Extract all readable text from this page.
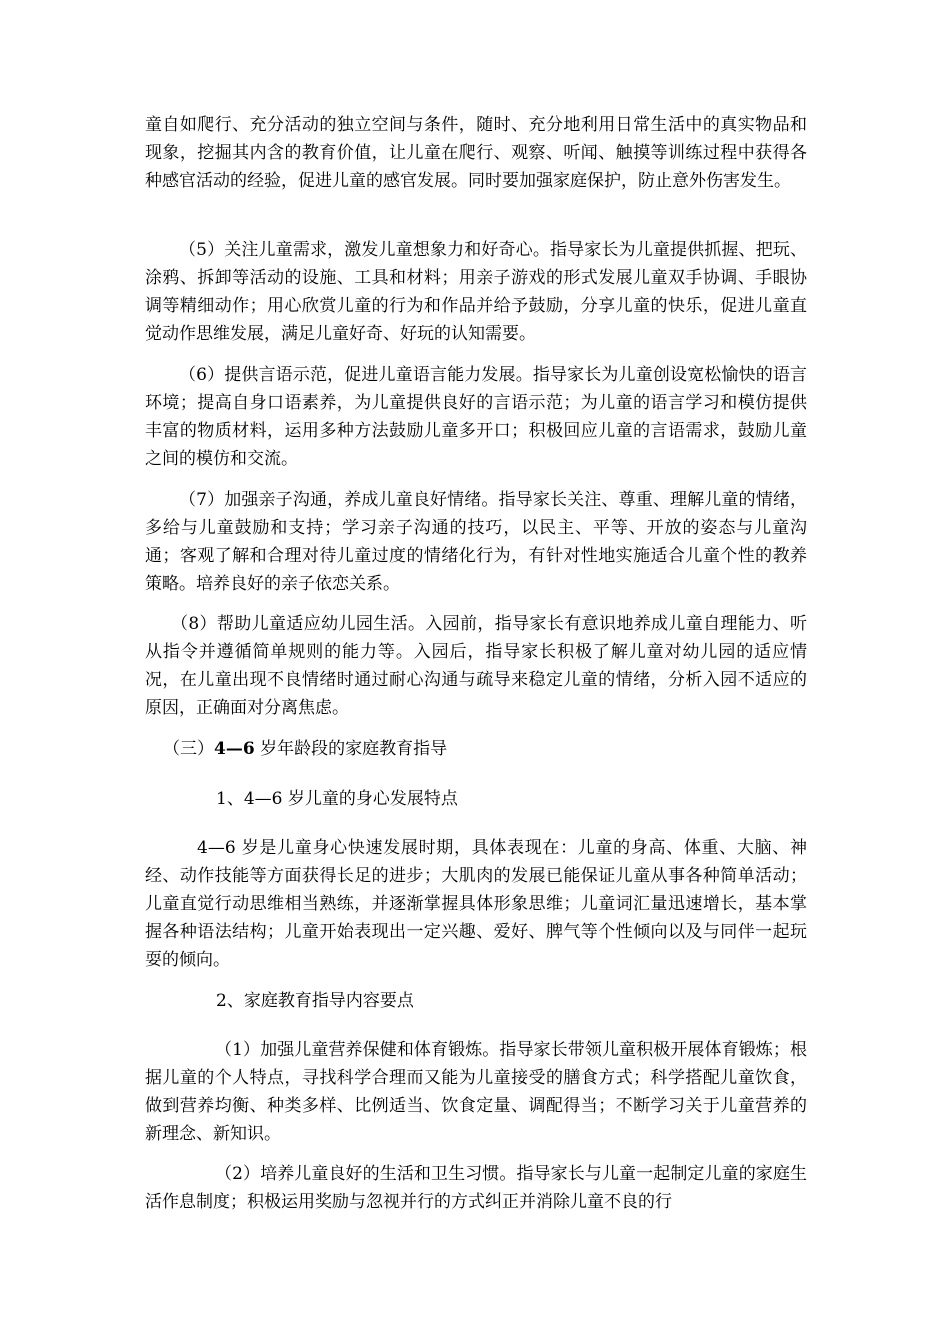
童自如爬行、充分活动的独立空间与条件，随时、充分地利用日常生活中的真实物品和现象，挖掘其内含的教育价值，让儿童在爬行、观察、听闻、触摸等训练过程中获得各种感官活动的经验，促进儿童的感官发展。同时要加强家庭保护，防止意外伤害发生。

（5）关注儿童需求，激发儿童想象力和好奇心。指导家长为儿童提供抓握、把玩、涂鸦、拆卸等活动的设施、工具和材料；用亲子游戏的形式发展儿童双手协调、手眼协调等精细动作；用心欣赏儿童的行为和作品并给予鼓励，分享儿童的快乐，促进儿童直觉动作思维发展，满足儿童好奇、好玩的认知需要。

（6）提供言语示范，促进儿童语言能力发展。指导家长为儿童创设宽松愉快的语言环境；提高自身口语素养，为儿童提供良好的言语示范；为儿童的语言学习和模仿提供丰富的物质材料，运用多种方法鼓励儿童多开口；积极回应儿童的言语需求，鼓励儿童之间的模仿和交流。

（7）加强亲子沟通，养成儿童良好情绪。指导家长关注、尊重、理解儿童的情绪，多给与儿童鼓励和支持；学习亲子沟通的技巧，以民主、平等、开放的姿态与儿童沟通；客观了解和合理对待儿童过度的情绪化行为，有针对性地实施适合儿童个性的教养策略。培养良好的亲子依恋关系。

（8）帮助儿童适应幼儿园生活。入园前，指导家长有意识地养成儿童自理能力、听从指令并遵循简单规则的能力等。入园后，指导家长积极了解儿童对幼儿园的适应情况，在儿童出现不良情绪时通过耐心沟通与疏导来稳定儿童的情绪，分析入园不适应的原因，正确面对分离焦虑。

（三）4—6 岁年龄段的家庭教育指导

1、4—6 岁儿童的身心发展特点

4—6 岁是儿童身心快速发展时期，具体表现在：儿童的身高、体重、大脑、神经、动作技能等方面获得长足的进步；大肌肉的发展已能保证儿童从事各种简单活动；儿童直觉行动思维相当熟练，并逐渐掌握具体形象思维；儿童词汇量迅速增长，基本掌握各种语法结构；儿童开始表现出一定兴趣、爱好、脾气等个性倾向以及与同伴一起玩耍的倾向。

2、家庭教育指导内容要点

（1）加强儿童营养保健和体育锻炼。指导家长带领儿童积极开展体育锻炼；根据儿童的个人特点，寻找科学合理而又能为儿童接受的膳食方式；科学搭配儿童饮食，做到营养均衡、种类多样、比例适当、饮食定量、调配得当；不断学习关于儿童营养的新理念、新知识。

（2）培养儿童良好的生活和卫生习惯。指导家长与儿童一起制定儿童的家庭生活作息制度；积极运用奖励与忽视并行的方式纠正并消除儿童不良的行
